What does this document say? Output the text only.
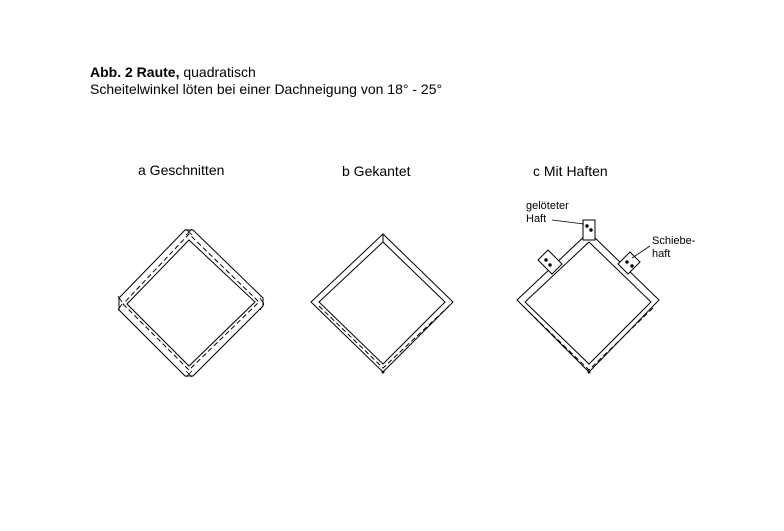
Abb. 2 Raute, quadratisch
Scheitelwinkel löten bei einer Dachneigung von 18° - 25°
a Geschnitten	b Gekantet	c Mit Haften
gelöteter
Haft
Schiebe-
haft
